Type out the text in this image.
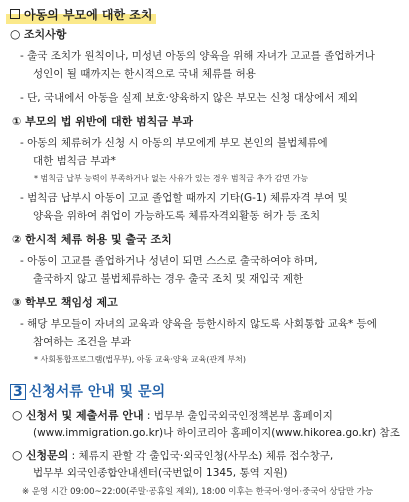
아동의 부모에 대한 조치
○ 조치사항
- 출국 조치가 원칙이나, 미성년 아동의 양육을 위해 자녀가 고교를 졸업하거나
성인이 될 때까지는 한시적으로 국내 체류를 허용
- 단, 국내에서 아동을 실제 보호·양육하지 않은 부모는 신청 대상에서 제외
① 부모의 법 위반에 대한 범칙금 부과
- 아동의 체류허가 신청 시 아동의 부모에게 부모 본인의 불법체류에
대한 범칙금 부과*
* 범칙금 납부 능력이 부족하거나 없는 사유가 있는 경우 범칙금 추가 감면 가능
- 범칙금 납부시 아동이 고교 졸업할 때까지 기타(G-1) 체류자격 부여 및
양육을 위하여 취업이 가능하도록 체류자격외활동 허가 등 조치
② 한시적 체류 허용 및 출국 조치
- 아동이 고교를 졸업하거나 성년이 되면 스스로 출국하여야 하며,
출국하지 않고 불법체류하는 경우 출국 조치 및 재입국 제한
③ 학부모 책임성 제고
- 해당 부모들이 자녀의 교육과 양육을 등한시하지 않도록 사회통합 교육* 등에
참여하는 조건을 부과
* 사회통합프로그램(법무부), 아동 교육·양육 교육(관계 부처)
3 신청서류 안내 및 문의
○ 신청서 및 제출서류 안내 : 법무부 출입국외국인정책본부 홈페이지
(www.immigration.go.kr)나 하이코리아 홈페이지(www.hikorea.go.kr) 참조
○ 신청문의 : 체류지 관할 각 출입국·외국인청(사무소) 체류 접수창구,
법무부 외국인종합안내센터(국번없이 1345, 통역 지원)
※ 운영 시간 09:00~22:00(주말·공휴일 제외), 18:00 이후는 한국어·영어·중국어 상담만 가능
